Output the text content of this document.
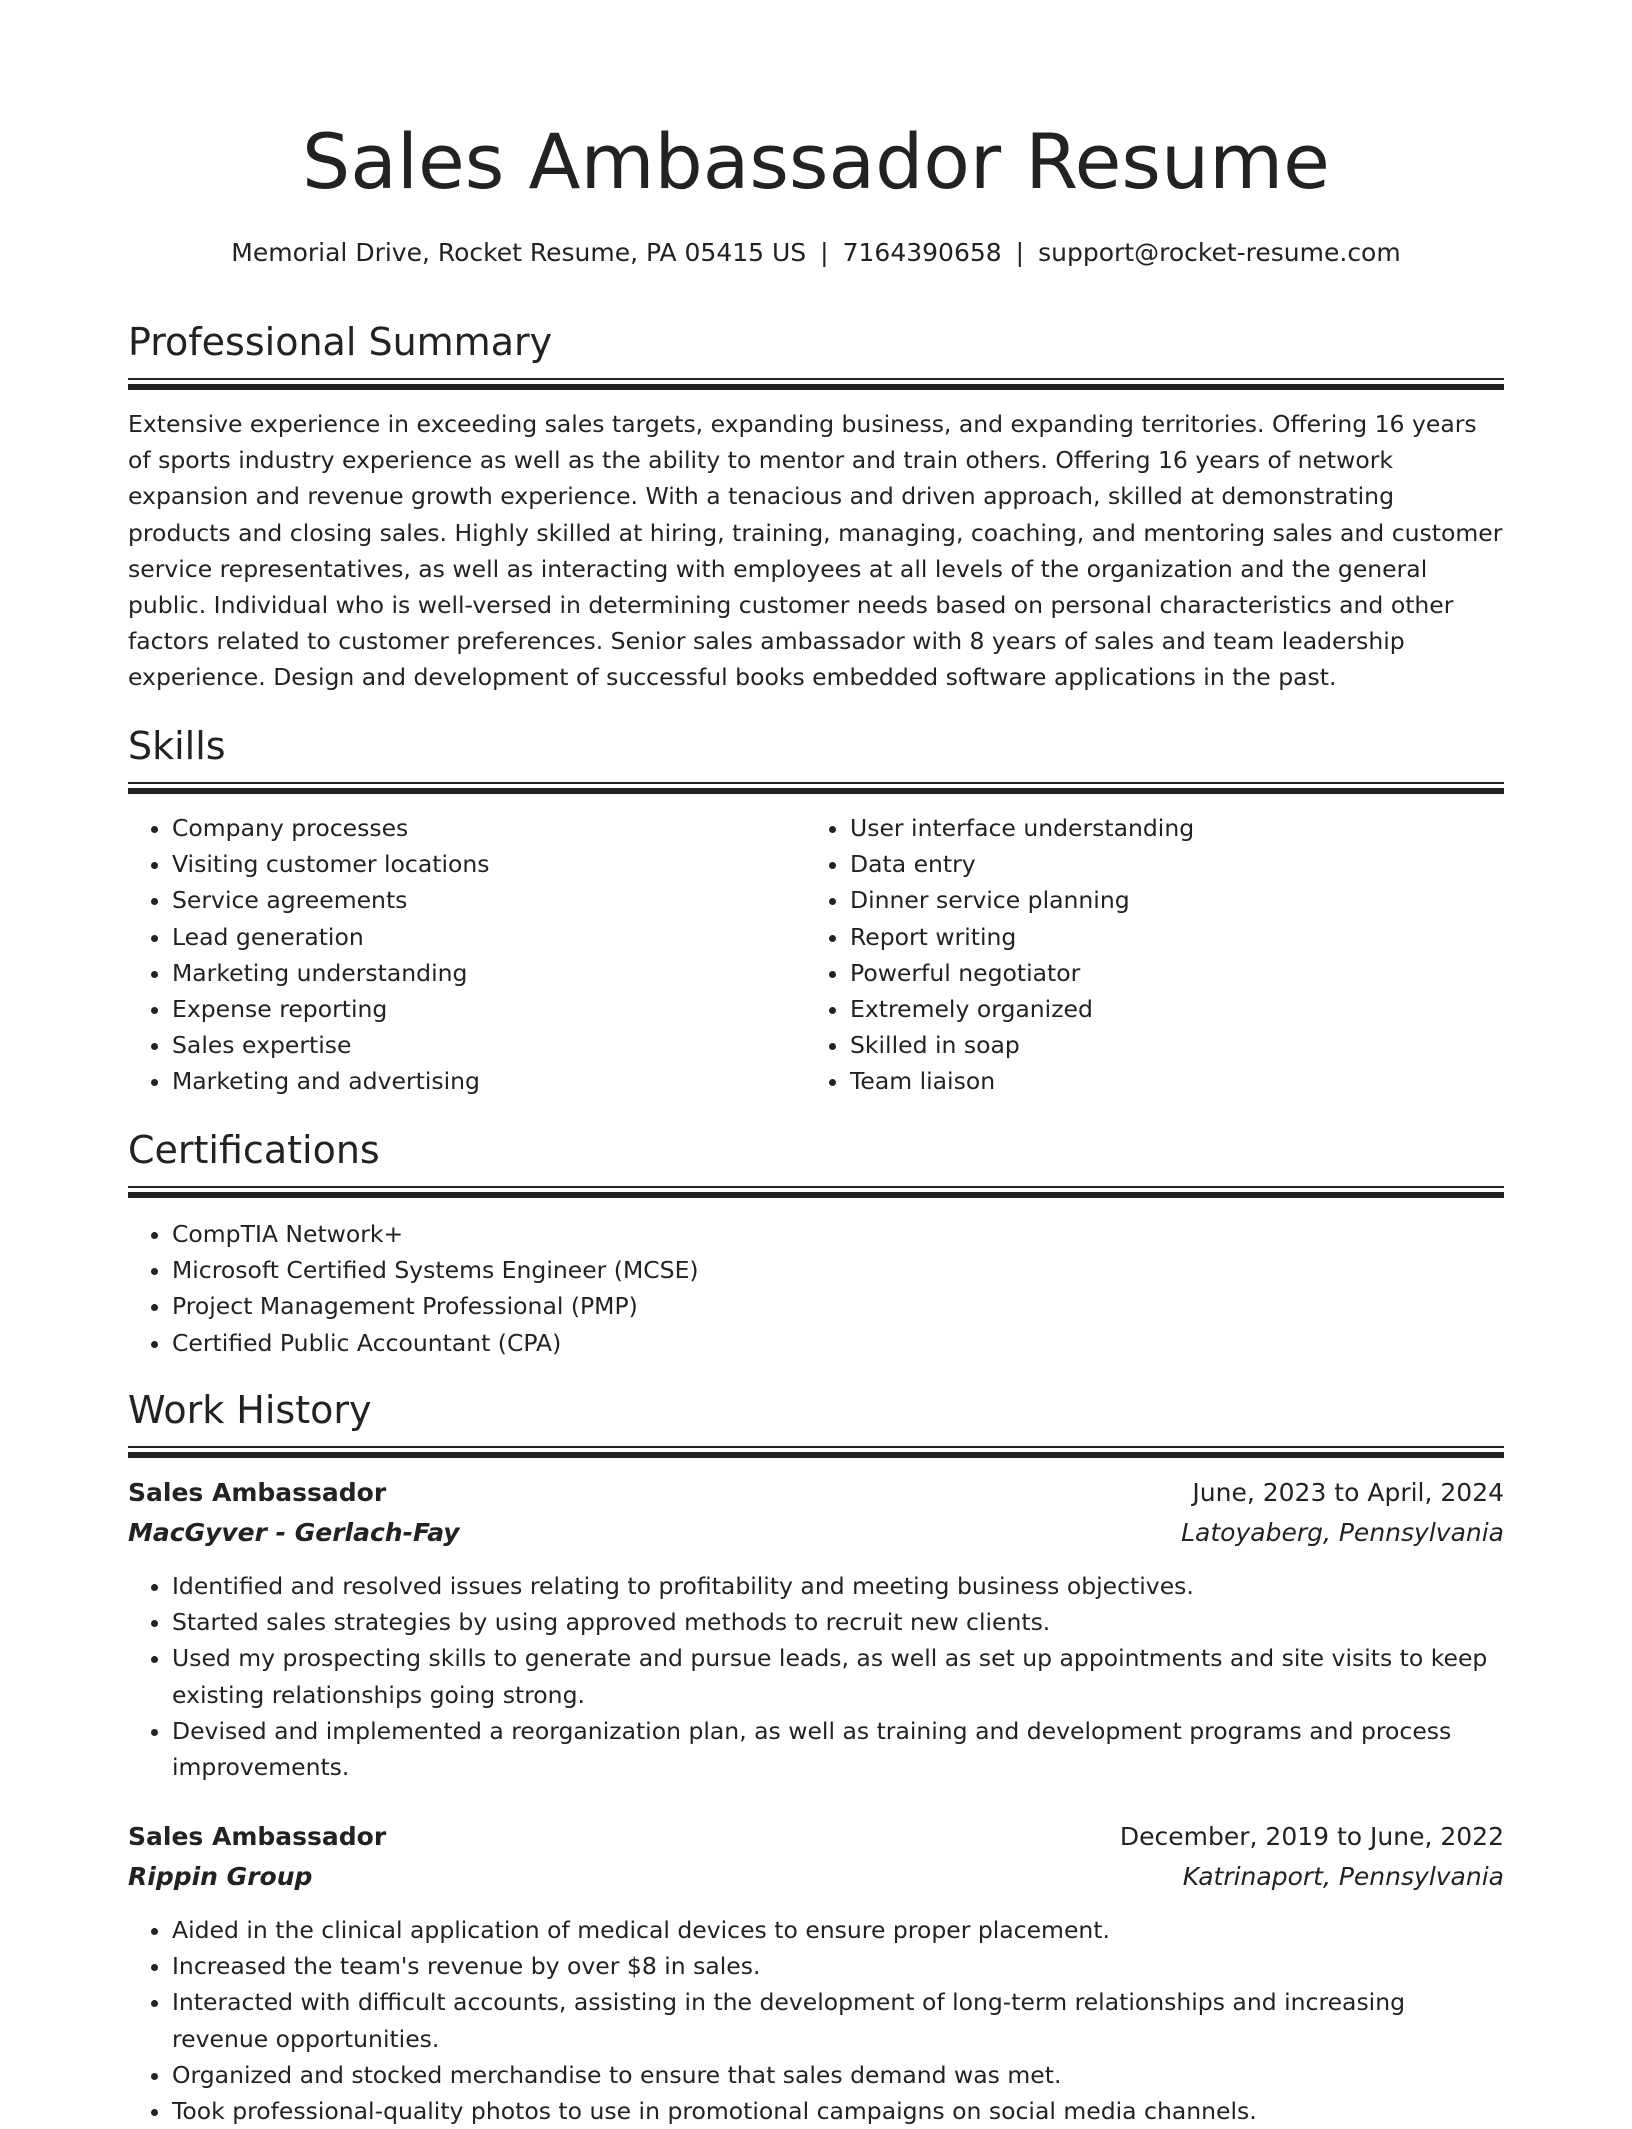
Sales Ambassador Resume
Memorial Drive, Rocket Resume, PA 05415 US | 7164390658 | support@rocket-resume.com
Professional Summary

Extensive experience in exceeding sales targets, expanding business, and expanding territories. Offering 16 years of sports industry experience as well as the ability to mentor and train others. Offering 16 years of network expansion and revenue growth experience. With a tenacious and driven approach, skilled at demonstrating products and closing sales. Highly skilled at hiring, training, managing, coaching, and mentoring sales and customer service representatives, as well as interacting with employees at all levels of the organization and the general public. Individual who is well-versed in determining customer needs based on personal characteristics and other factors related to customer preferences. Senior sales ambassador with 8 years of sales and team leadership experience. Design and development of successful books embedded software applications in the past.

Skills
• Company processes
• Visiting customer locations
• Service agreements
• Lead generation
• Marketing understanding
• Expense reporting
• Sales expertise
• Marketing and advertising
• User interface understanding
• Data entry
• Dinner service planning
• Report writing
• Powerful negotiator
• Extremely organized
• Skilled in soap
• Team liaison
Certifications
• CompTIA Network+
• Microsoft Certified Systems Engineer (MCSE)
• Project Management Professional (PMP)
• Certified Public Accountant (CPA)
Work History
Sales Ambassador	June, 2023 to April, 2024
MacGyver - Gerlach-Fay	Latoyaberg, Pennsylvania
• Identified and resolved issues relating to profitability and meeting business objectives.
• Started sales strategies by using approved methods to recruit new clients.
• Used my prospecting skills to generate and pursue leads, as well as set up appointments and site visits to keep existing relationships going strong.
• Devised and implemented a reorganization plan, as well as training and development programs and process improvements.
Sales Ambassador	December, 2019 to June, 2022
Rippin Group	Katrinaport, Pennsylvania
• Aided in the clinical application of medical devices to ensure proper placement.
• Increased the team's revenue by over $8 in sales.
• Interacted with difficult accounts, assisting in the development of long-term relationships and increasing revenue opportunities.
• Organized and stocked merchandise to ensure that sales demand was met.
• Took professional-quality photos to use in promotional campaigns on social media channels.
